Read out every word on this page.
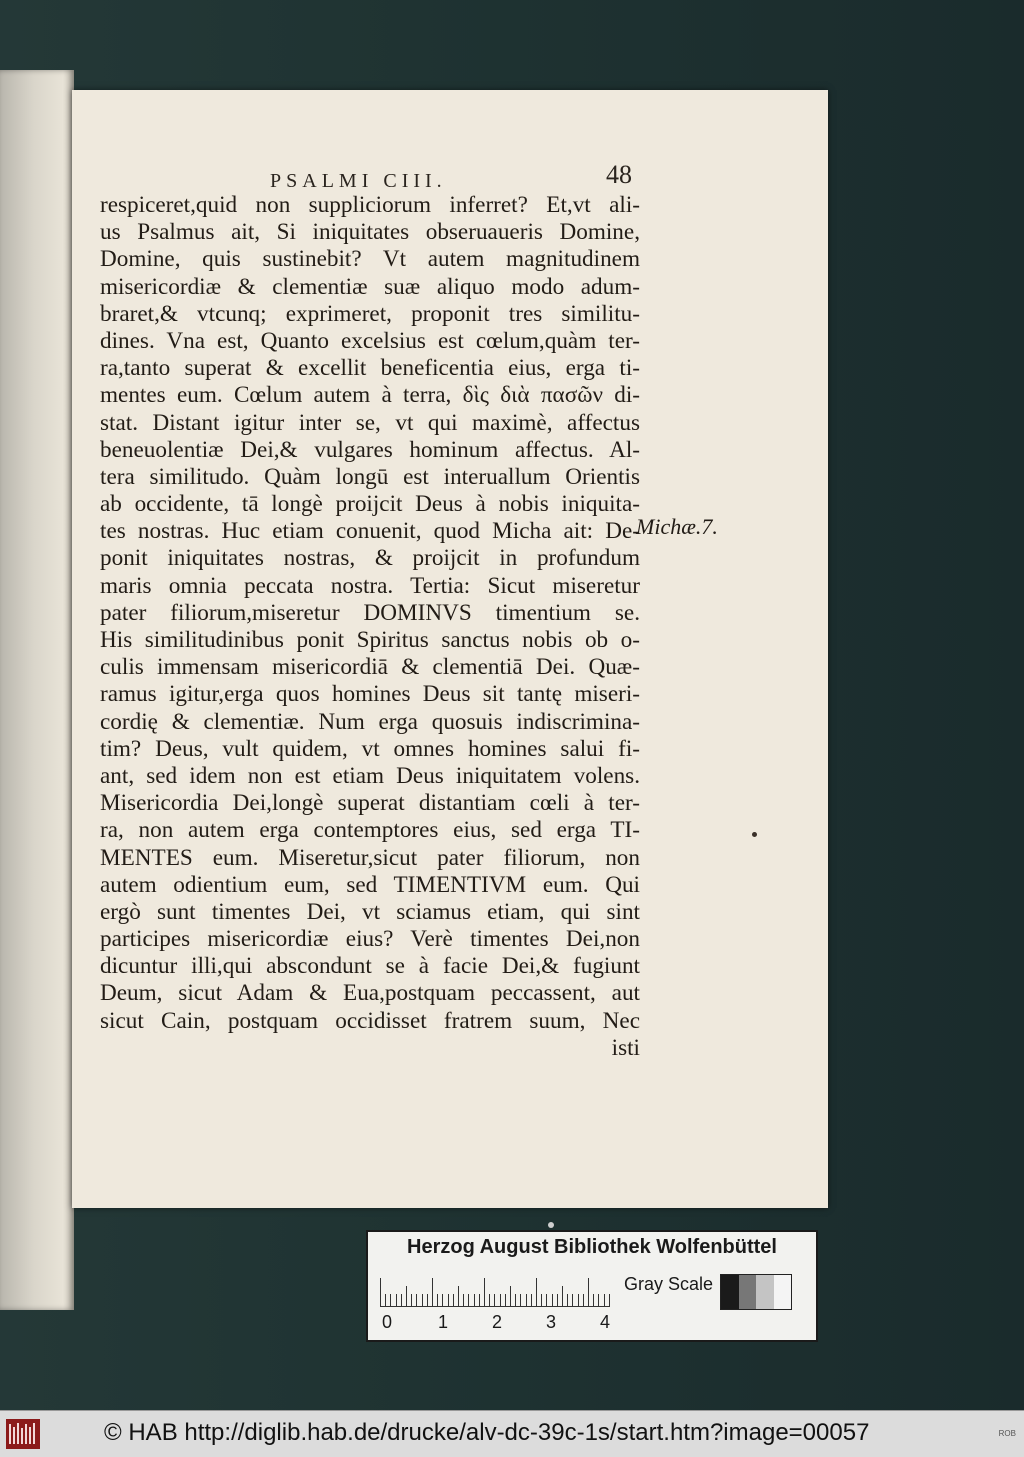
PSALMI CIII.	48
respiceret,quid non suppliciorum inferret? Et,vt ali-
us Psalmus ait, Si iniquitates obseruaueris Domine,
Domine, quis sustinebit? Vt autem magnitudinem
misericordiæ & clementiæ suæ aliquo modo adum-
braret,& vtcunq; exprimeret, proponit tres similitu-
dines. Vna est, Quanto excelsius est cœlum,quàm ter-
ra,tanto superat & excellit beneficentia eius, erga ti-
mentes eum. Cœlum autem à terra, δὶς διὰ πασῶν di-
stat. Distant igitur inter se, vt qui maximè, affectus
beneuolentiæ Dei,& vulgares hominum affectus. Al-
tera similitudo. Quàm longū est interuallum Orientis
ab occidente, tā longè proijcit Deus à nobis iniquita-
tes nostras. Huc etiam conuenit, quod Micha ait: De-
ponit iniquitates nostras, & proijcit in profundum
maris omnia peccata nostra. Tertia: Sicut miseretur
pater filiorum,miseretur DOMINVS timentium se.
His similitudinibus ponit Spiritus sanctus nobis ob o-
culis immensam misericordiā & clementiā Dei. Quæ-
ramus igitur,erga quos homines Deus sit tantę miseri-
cordię & clementiæ. Num erga quosuis indiscrimina-
tim? Deus, vult quidem, vt omnes homines salui fi-
ant, sed idem non est etiam Deus iniquitatem volens.
Misericordia Dei,longè superat distantiam cœli à ter-
ra, non autem erga contemptores eius, sed erga TI-
MENTES eum. Miseretur,sicut pater filiorum, non
autem odientium eum, sed TIMENTIVM eum. Qui
ergò sunt timentes Dei, vt sciamus etiam, qui sint
participes misericordiæ eius? Verè timentes Dei,non
dicuntur illi,qui abscondunt se à facie Dei,& fugiunt
Deum, sicut Adam & Eua,postquam peccassent, aut
sicut Cain, postquam occidisset fratrem suum, Nec
isti
Michæ.7.
Herzog August Bibliothek Wolfenbüttel
0	1 2 3 4
Gray Scale
© HAB http://diglib.hab.de/drucke/alv-dc-39c-1s/start.htm?image=00057	ROB
